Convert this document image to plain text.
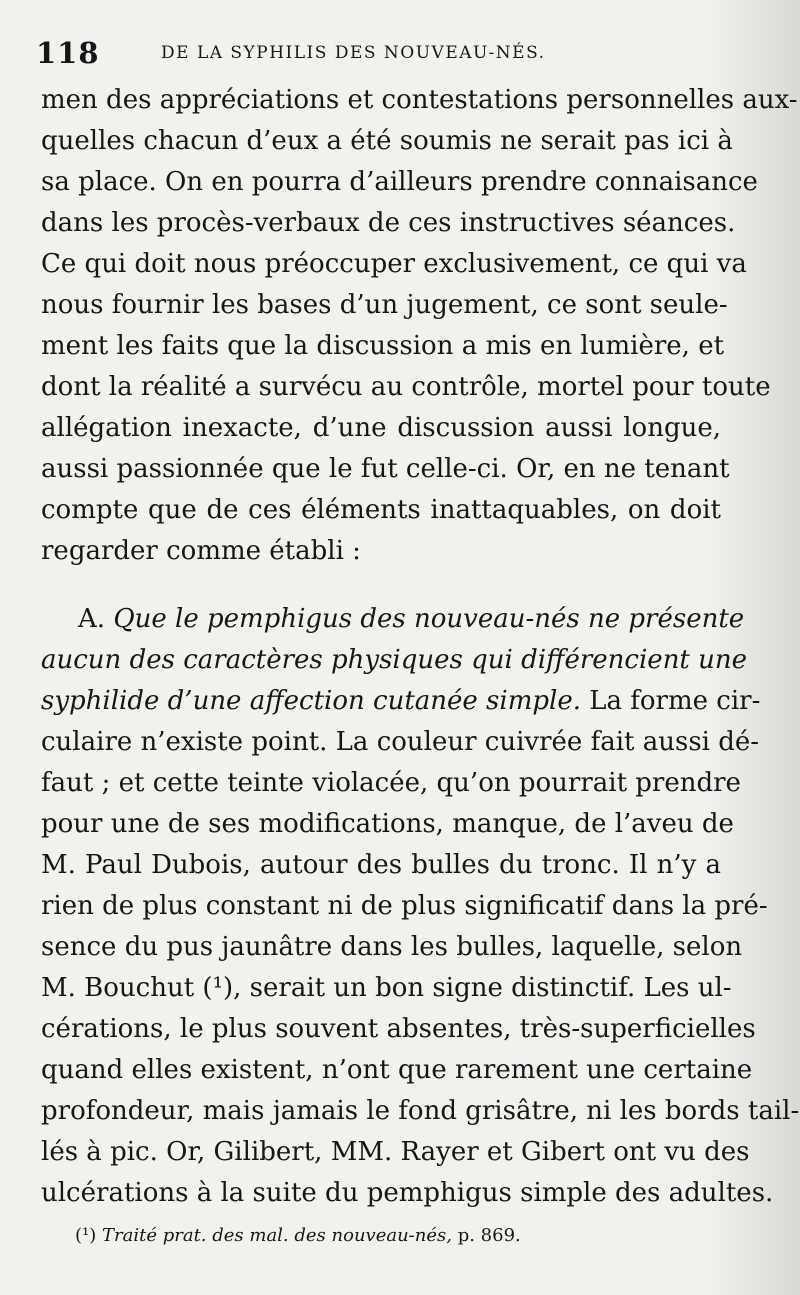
118	DE LA SYPHILIS DES NOUVEAU-NÉS.
men des appréciations et contestations personnelles aux-
quelles chacun d’eux a été soumis ne serait pas ici à
sa place. On en pourra d’ailleurs prendre connaisance
dans les procès-verbaux de ces instructives séances.
Ce qui doit nous préoccuper exclusivement, ce qui va
nous fournir les bases d’un jugement, ce sont seule-
ment les faits que la discussion a mis en lumière, et
dont la réalité a survécu au contrôle, mortel pour toute
allégation inexacte, d’une discussion aussi longue,
aussi passionnée que le fut celle-ci. Or, en ne tenant
compte que de ces éléments inattaquables, on doit
regarder comme établi :
A. Que le pemphigus des nouveau-nés ne présente
aucun des caractères physiques qui différencient une
syphilide d’une affection cutanée simple. La forme cir-
culaire n’existe point. La couleur cuivrée fait aussi dé-
faut ; et cette teinte violacée, qu’on pourrait prendre
pour une de ses modifications, manque, de l’aveu de
M. Paul Dubois, autour des bulles du tronc. Il n’y a
rien de plus constant ni de plus significatif dans la pré-
sence du pus jaunâtre dans les bulles, laquelle, selon
M. Bouchut (¹), serait un bon signe distinctif. Les ul-
cérations, le plus souvent absentes, très-superficielles
quand elles existent, n’ont que rarement une certaine
profondeur, mais jamais le fond grisâtre, ni les bords tail-
lés à pic. Or, Gilibert, MM. Rayer et Gibert ont vu des
ulcérations à la suite du pemphigus simple des adultes.
(¹) Traité prat. des mal. des nouveau-nés, p. 869.
